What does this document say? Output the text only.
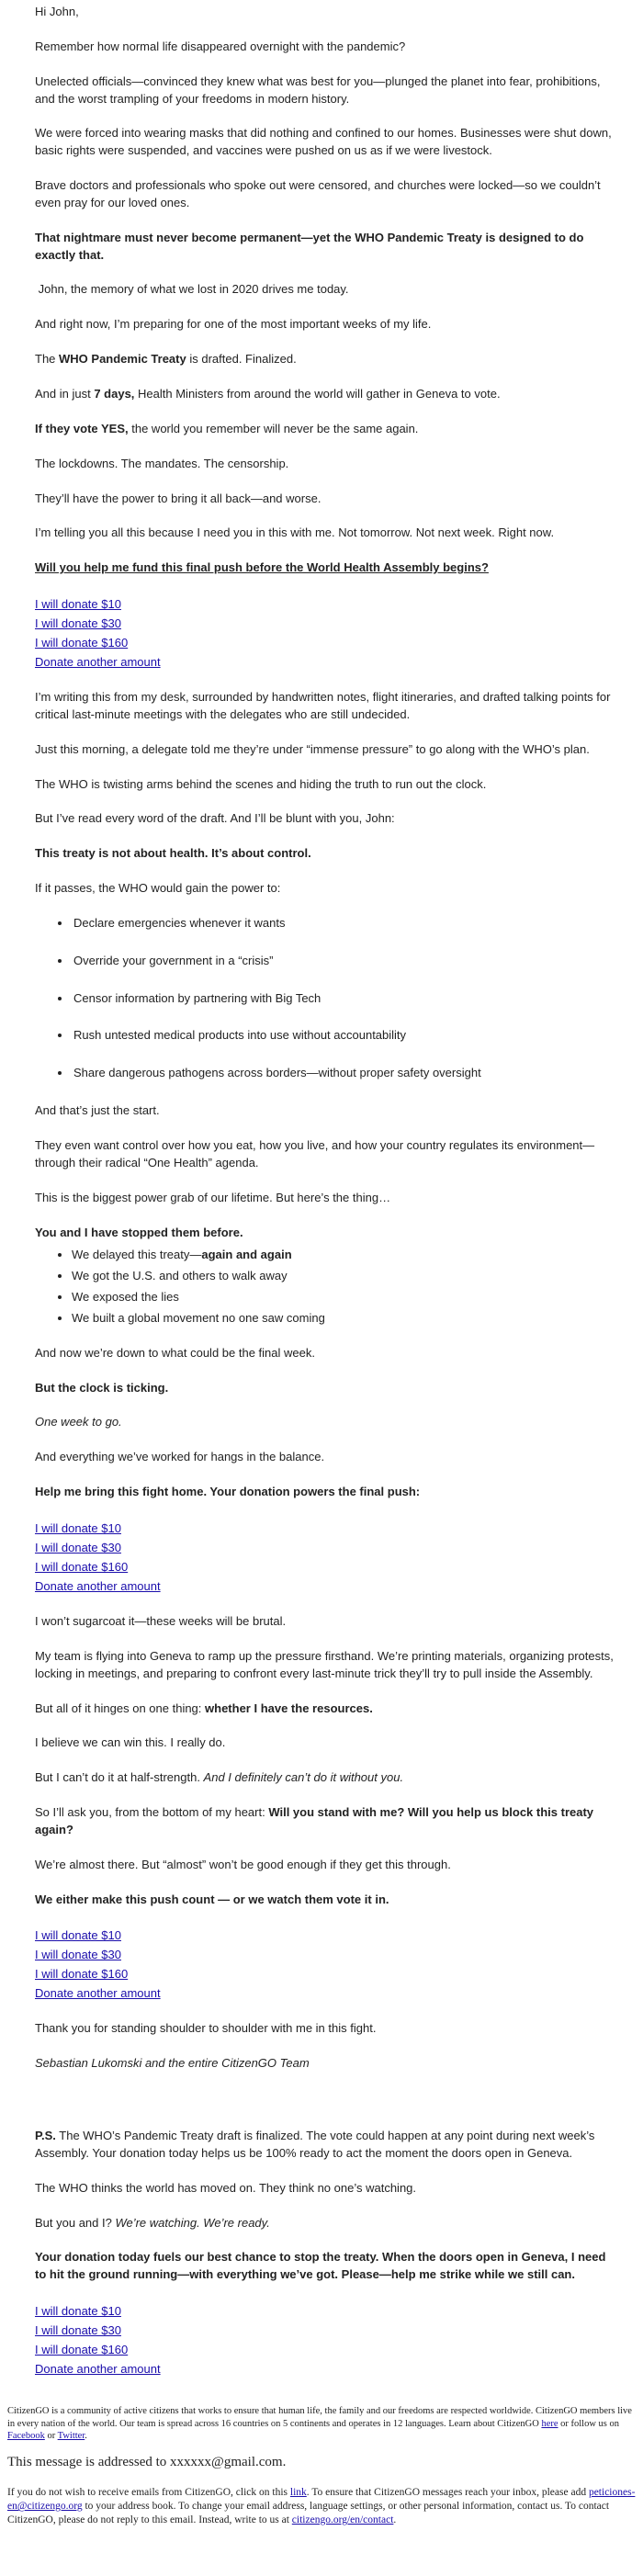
Hi John,

Remember how normal life disappeared overnight with the pandemic?

Unelected officials—convinced they knew what was best for you—plunged the planet into fear, prohibitions, and the worst trampling of your freedoms in modern history.

We were forced into wearing masks that did nothing and confined to our homes. Businesses were shut down, basic rights were suspended, and vaccines were pushed on us as if we were livestock.

Brave doctors and professionals who spoke out were censored, and churches were locked—so we couldn’t even pray for our loved ones.

That nightmare must never become permanent—yet the WHO Pandemic Treaty is designed to do exactly that.

John, the memory of what we lost in 2020 drives me today.

And right now, I’m preparing for one of the most important weeks of my life.

The WHO Pandemic Treaty is drafted. Finalized.

And in just 7 days, Health Ministers from around the world will gather in Geneva to vote.

If they vote YES, the world you remember will never be the same again.

The lockdowns. The mandates. The censorship.

They’ll have the power to bring it all back—and worse.

I’m telling you all this because I need you in this with me. Not tomorrow. Not next week. Right now.

Will you help me fund this final push before the World Health Assembly begins?

I will donate $10
I will donate $30
I will donate $160
Donate another amount

I’m writing this from my desk, surrounded by handwritten notes, flight itineraries, and drafted talking points for critical last-minute meetings with the delegates who are still undecided.

Just this morning, a delegate told me they’re under “immense pressure” to go along with the WHO’s plan.

The WHO is twisting arms behind the scenes and hiding the truth to run out the clock.

But I’ve read every word of the draft. And I’ll be blunt with you, John:

This treaty is not about health. It’s about control.

If it passes, the WHO would gain the power to:

• Declare emergencies whenever it wants
• Override your government in a “crisis”
• Censor information by partnering with Big Tech
• Rush untested medical products into use without accountability
• Share dangerous pathogens across borders—without proper safety oversight

And that’s just the start.

They even want control over how you eat, how you live, and how your country regulates its environment—through their radical “One Health” agenda.

This is the biggest power grab of our lifetime. But here’s the thing…

You and I have stopped them before.

• We delayed this treaty—again and again
• We got the U.S. and others to walk away
• We exposed the lies
• We built a global movement no one saw coming

And now we’re down to what could be the final week.

But the clock is ticking.

One week to go.

And everything we’ve worked for hangs in the balance.

Help me bring this fight home. Your donation powers the final push:

I will donate $10
I will donate $30
I will donate $160
Donate another amount

I won’t sugarcoat it—these weeks will be brutal.

My team is flying into Geneva to ramp up the pressure firsthand. We’re printing materials, organizing protests, locking in meetings, and preparing to confront every last-minute trick they’ll try to pull inside the Assembly.

But all of it hinges on one thing: whether I have the resources.

I believe we can win this. I really do.

But I can’t do it at half-strength. And I definitely can’t do it without you.

So I’ll ask you, from the bottom of my heart: Will you stand with me? Will you help us block this treaty again?

We’re almost there. But “almost” won’t be good enough if they get this through.

We either make this push count — or we watch them vote it in.

I will donate $10
I will donate $30
I will donate $160
Donate another amount

Thank you for standing shoulder to shoulder with me in this fight.

Sebastian Lukomski and the entire CitizenGO Team

P.S. The WHO’s Pandemic Treaty draft is finalized. The vote could happen at any point during next week’s Assembly. Your donation today helps us be 100% ready to act the moment the doors open in Geneva.

The WHO thinks the world has moved on. They think no one’s watching.

But you and I? We’re watching. We’re ready.

Your donation today fuels our best chance to stop the treaty. When the doors open in Geneva, I need to hit the ground running—with everything we’ve got. Please—help me strike while we still can.

I will donate $10
I will donate $30
I will donate $160
Donate another amount

CitizenGO is a community of active citizens that works to ensure that human life, the family and our freedoms are respected worldwide. CitizenGO members live in every nation of the world. Our team is spread across 16 countries on 5 continents and operates in 12 languages. Learn about CitizenGO here or follow us on Facebook or Twitter.

This message is addressed to xxxxxx@gmail.com.

If you do not wish to receive emails from CitizenGO, click on this link. To ensure that CitizenGO messages reach your inbox, please add peticiones-en@citizengo.org to your address book. To change your email address, language settings, or other personal information, contact us. To contact CitizenGO, please do not reply to this email. Instead, write to us at citizengo.org/en/contact.
